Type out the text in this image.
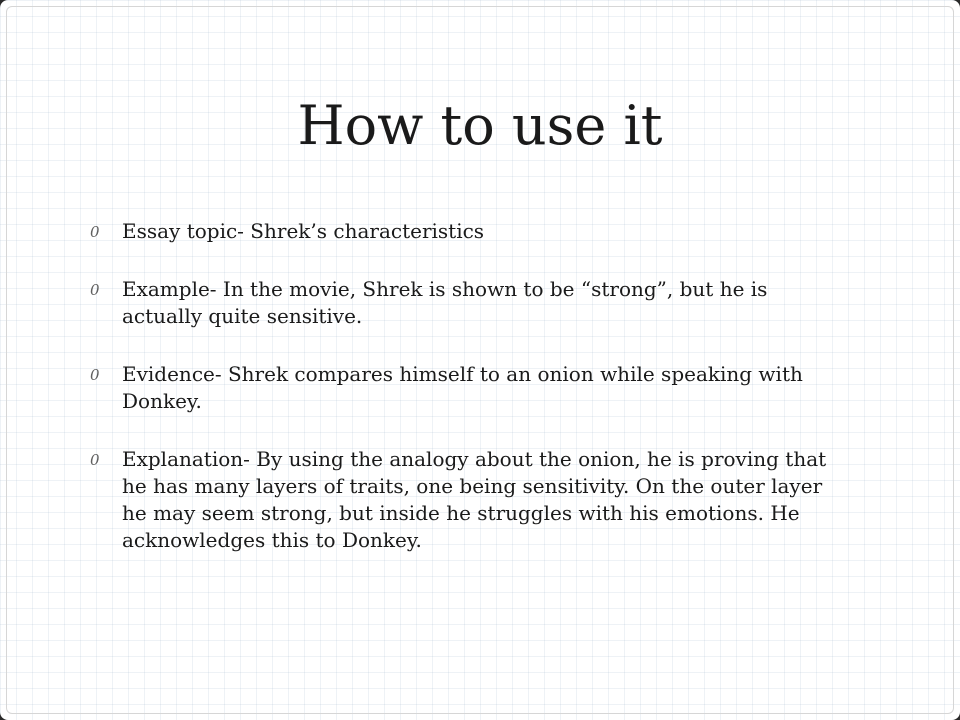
How to use it
0 Essay topic- Shrek’s characteristics
0 Example- In the movie, Shrek is shown to be “strong”, but he is actually quite sensitive.
0 Evidence- Shrek compares himself to an onion while speaking with Donkey.
0 Explanation- By using the analogy about the onion, he is proving that he has many layers of traits, one being sensitivity. On the outer layer he may seem strong, but inside he struggles with his emotions. He acknowledges this to Donkey.
